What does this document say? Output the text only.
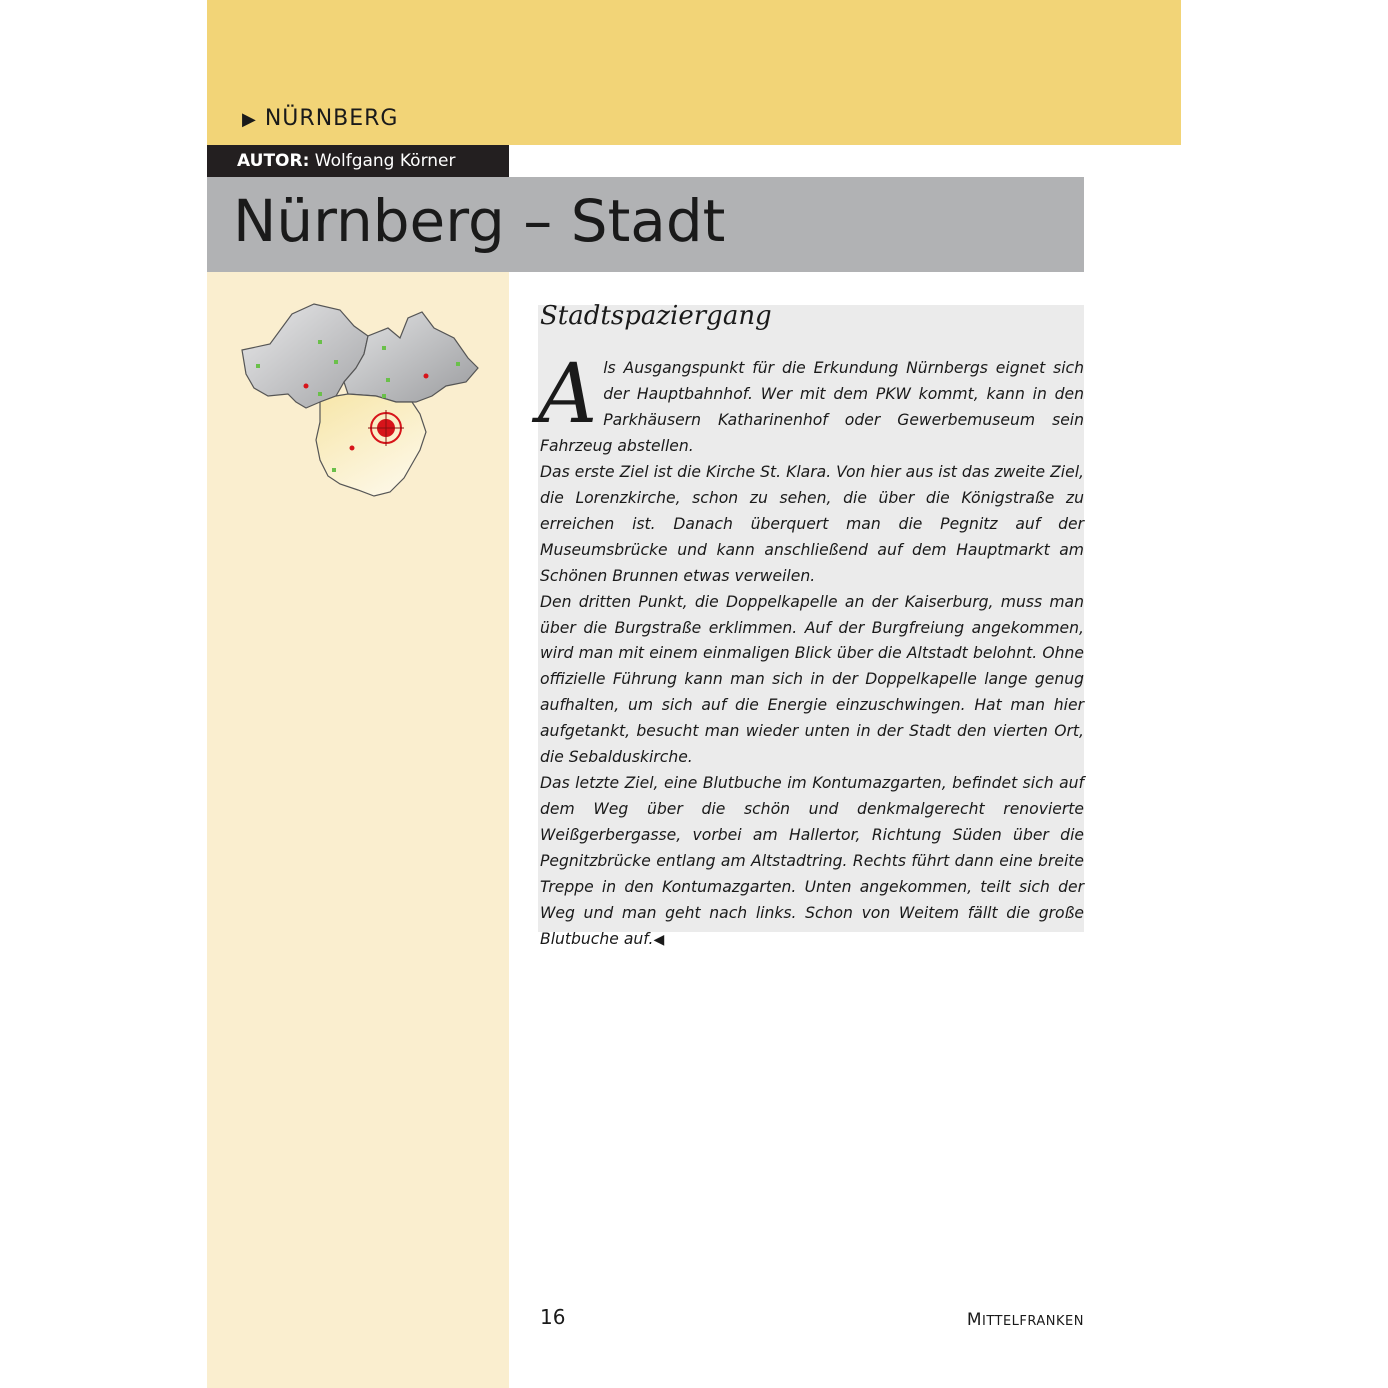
▶ NÜRNBERG
AUTOR: Wolfgang Körner
Nürnberg – Stadt
Stadtspaziergang

Als Ausgangspunkt für die Erkundung Nürnbergs eignet sich der Hauptbahnhof. Wer mit dem PKW kommt, kann in den Parkhäusern Katharinenhof oder Gewerbemuseum sein Fahrzeug abstellen.

Das erste Ziel ist die Kirche St. Klara. Von hier aus ist das zweite Ziel, die Lorenzkirche, schon zu sehen, die über die Königstraße zu erreichen ist. Danach überquert man die Pegnitz auf der Museumsbrücke und kann anschließend auf dem Hauptmarkt am Schönen Brunnen etwas verweilen.

Den dritten Punkt, die Doppelkapelle an der Kaiserburg, muss man über die Burgstraße erklimmen. Auf der Burgfreiung angekommen, wird man mit einem einmaligen Blick über die Altstadt belohnt. Ohne offizielle Führung kann man sich in der Doppelkapelle lange genug aufhalten, um sich auf die Energie einzuschwingen. Hat man hier aufgetankt, besucht man wieder unten in der Stadt den vierten Ort, die Sebalduskirche.

Das letzte Ziel, eine Blutbuche im Kontumazgarten, befindet sich auf dem Weg über die schön und denkmalgerecht renovierte Weißgerbergasse, vorbei am Hallertor, Richtung Süden über die Pegnitzbrücke entlang am Altstadtring. Rechts führt dann eine breite Treppe in den Kontumazgarten. Unten angekommen, teilt sich der Weg und man geht nach links. Schon von Weitem fällt die große Blutbuche auf.◀

16	MITTELFRANKEN
